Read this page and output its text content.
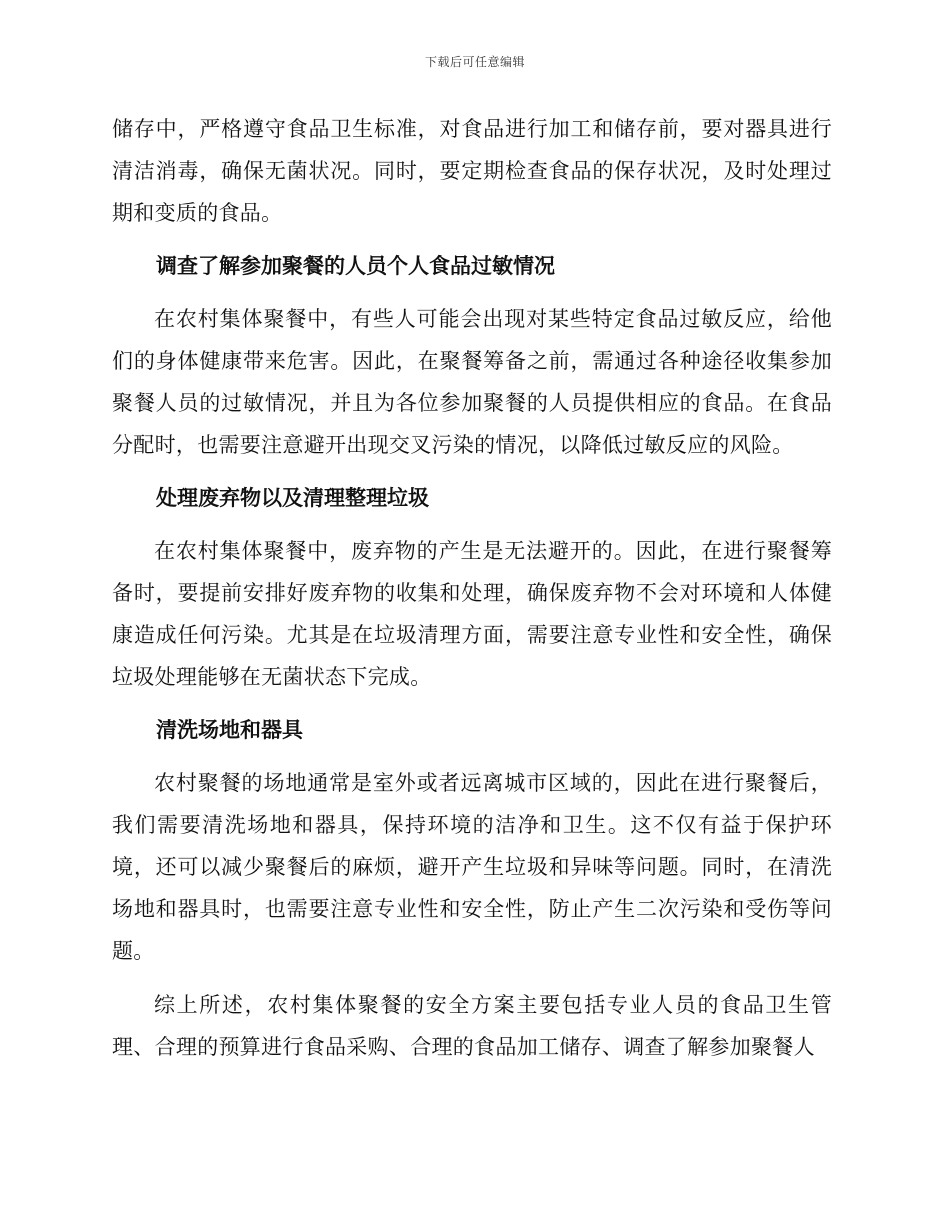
下载后可任意编辑

储存中，严格遵守食品卫生标准，对食品进行加工和储存前，要对器具进行清洁消毒，确保无菌状况。同时，要定期检查食品的保存状况，及时处理过期和变质的食品。

调查了解参加聚餐的人员个人食品过敏情况

在农村集体聚餐中，有些人可能会出现对某些特定食品过敏反应，给他们的身体健康带来危害。因此，在聚餐筹备之前，需通过各种途径收集参加聚餐人员的过敏情况，并且为各位参加聚餐的人员提供相应的食品。在食品分配时，也需要注意避开出现交叉污染的情况，以降低过敏反应的风险。

处理废弃物以及清理整理垃圾

在农村集体聚餐中，废弃物的产生是无法避开的。因此，在进行聚餐筹备时，要提前安排好废弃物的收集和处理，确保废弃物不会对环境和人体健康造成任何污染。尤其是在垃圾清理方面，需要注意专业性和安全性，确保垃圾处理能够在无菌状态下完成。

清洗场地和器具

农村聚餐的场地通常是室外或者远离城市区域的，因此在进行聚餐后，我们需要清洗场地和器具，保持环境的洁净和卫生。这不仅有益于保护环境，还可以减少聚餐后的麻烦，避开产生垃圾和异味等问题。同时，在清洗场地和器具时，也需要注意专业性和安全性，防止产生二次污染和受伤等问题。

综上所述，农村集体聚餐的安全方案主要包括专业人员的食品卫生管理、合理的预算进行食品采购、合理的食品加工储存、调查了解参加聚餐人
